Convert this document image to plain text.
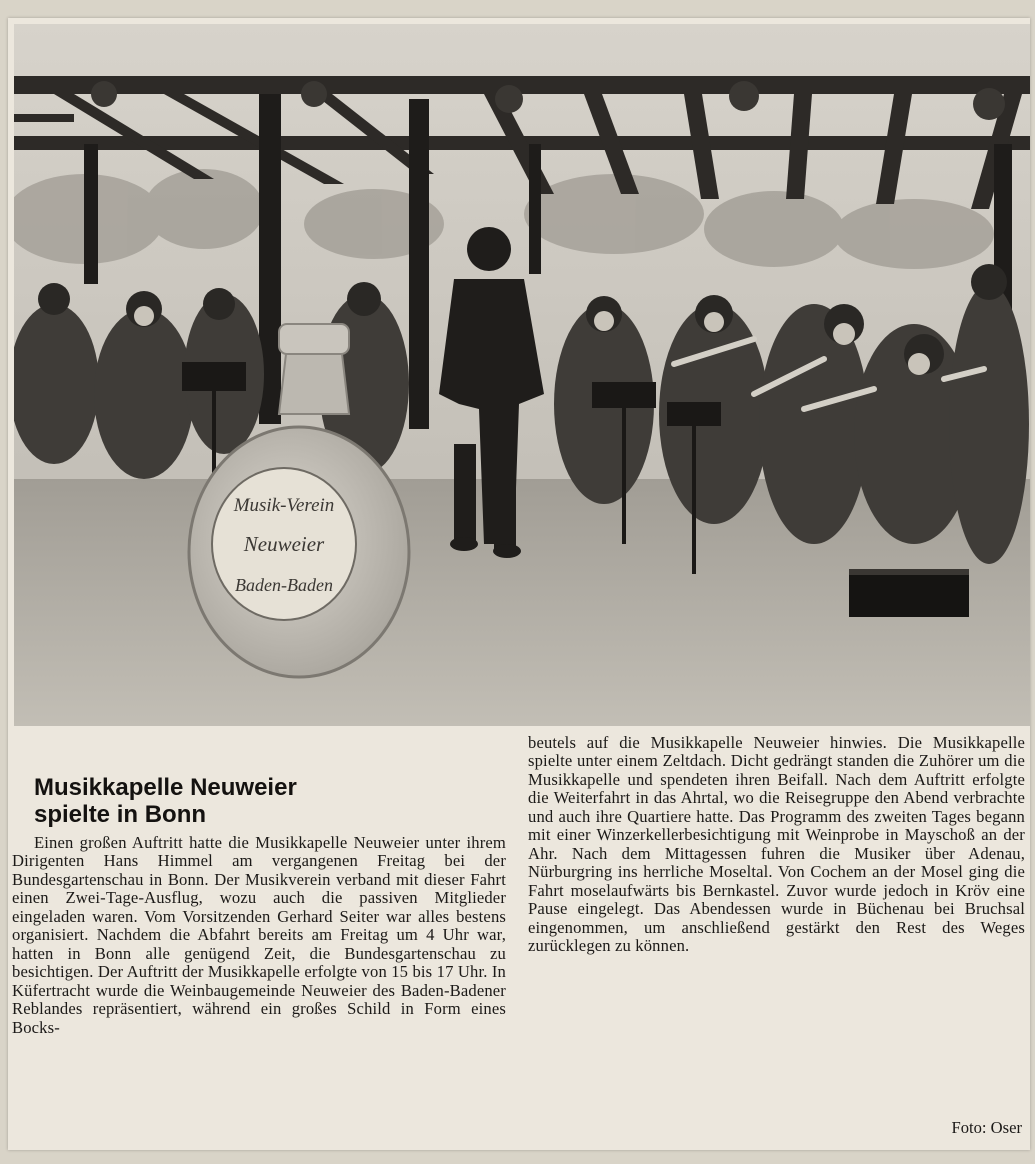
Musik-Verein
Neuweier
Baden-Baden
Musikkapelle Neuweier
spielte in Bonn

Einen großen Auftritt hatte die Musikkapelle Neuweier unter ihrem Dirigenten Hans Himmel am vergangenen Freitag bei der Bundesgartenschau in Bonn. Der Musikverein verband mit dieser Fahrt einen Zwei-Tage-Ausflug, wozu auch die passiven Mitglieder eingeladen waren. Vom Vorsitzenden Gerhard Seiter war alles bestens organisiert. Nachdem die Abfahrt bereits am Freitag um 4 Uhr war, hatten in Bonn alle genügend Zeit, die Bundesgartenschau zu besichtigen. Der Auftritt der Musikkapelle erfolgte von 15 bis 17 Uhr. In Küfertracht wurde die Weinbaugemeinde Neuweier des Baden-Badener Reblandes repräsentiert, während ein großes Schild in Form eines Bocks-

beutels auf die Musikkapelle Neuweier hinwies. Die Musikkapelle spielte unter einem Zeltdach. Dicht gedrängt standen die Zuhörer um die Musikkapelle und spendeten ihren Beifall. Nach dem Auftritt erfolgte die Weiterfahrt in das Ahrtal, wo die Reisegruppe den Abend verbrachte und auch ihre Quartiere hatte. Das Programm des zweiten Tages begann mit einer Winzerkellerbesichtigung mit Weinprobe in Mayschoß an der Ahr. Nach dem Mittagessen fuhren die Musiker über Adenau, Nürburgring ins herrliche Moseltal. Von Cochem an der Mosel ging die Fahrt moselaufwärts bis Bernkastel. Zuvor wurde jedoch in Kröv eine Pause eingelegt. Das Abendessen wurde in Büchenau bei Bruchsal eingenommen, um anschließend gestärkt den Rest des Weges zurücklegen zu können.

Foto: Oser
